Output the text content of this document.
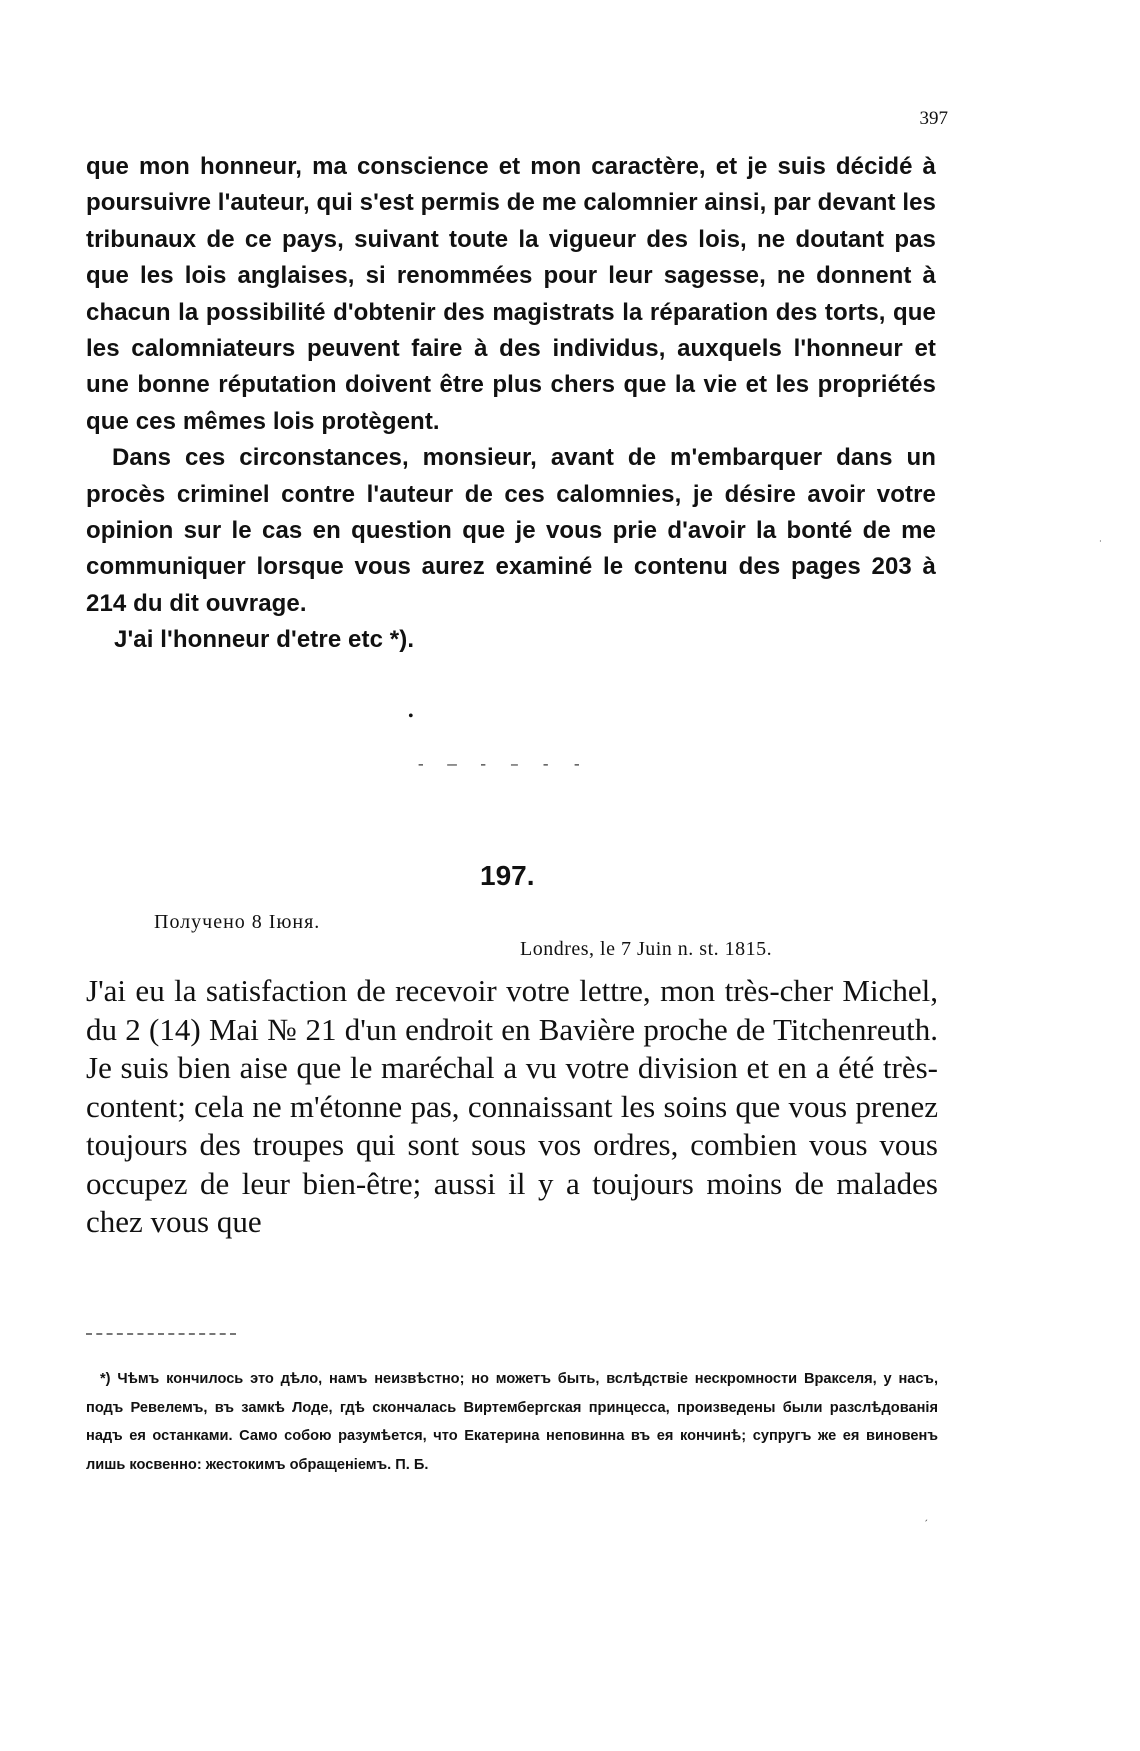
397

que mon honneur, ma conscience et mon caractère, et je suis décidé à poursuivre l'auteur, qui s'est permis de me calomnier ainsi, par devant les tribunaux de ce pays, suivant toute la vigueur des lois, ne doutant pas que les lois anglaises, si renommées pour leur sagesse, ne donnent à chacun la possibilité d'obtenir des magistrats la réparation des torts, que les calomniateurs peuvent faire à des individus, auxquels l'honneur et une bonne réputation doivent être plus chers que la vie et les propriétés que ces mêmes lois protègent.

Dans ces circonstances, monsieur, avant de m'embarquer dans un procès criminel contre l'auteur de ces calomnies, je désire avoir votre opinion sur le cas en question que je vous prie d'avoir la bonté de me communiquer lorsque vous aurez examiné le contenu des pages 203 à 214 du dit ouvrage.

J'ai l'honneur d'etre etc *).

•
- — - – - -
197.
Получено 8 Іюня.
Londres, le 7 Juin n. st. 1815.

J'ai eu la satisfaction de recevoir votre lettre, mon très-cher Michel, du 2 (14) Mai № 21 d'un endroit en Bavière proche de Titchenreuth. Je suis bien aise que le maréchal a vu votre division et en a été très-content; cela ne m'étonne pas, connaissant les soins que vous prenez toujours des troupes qui sont sous vos ordres, combien vous vous occupez de leur bien-être; aussi il y a toujours moins de malades chez vous que

*) Чѣмъ кончилось это дѣло, намъ неизвѣстно; но можетъ быть, вслѣдствіе нескромности Вракселя, у насъ, подъ Ревелемъ, въ замкѣ Лоде, гдѣ скончалась Виртембергская принцесса, произведены были разслѣдованія надъ ея останками. Само собою разумѣется, что Екатерина неповинна въ ея кончинѣ; супругъ же ея виновенъ лишь косвенно: жестокимъ обращеніемъ. П. Б.

˙
ˏ
